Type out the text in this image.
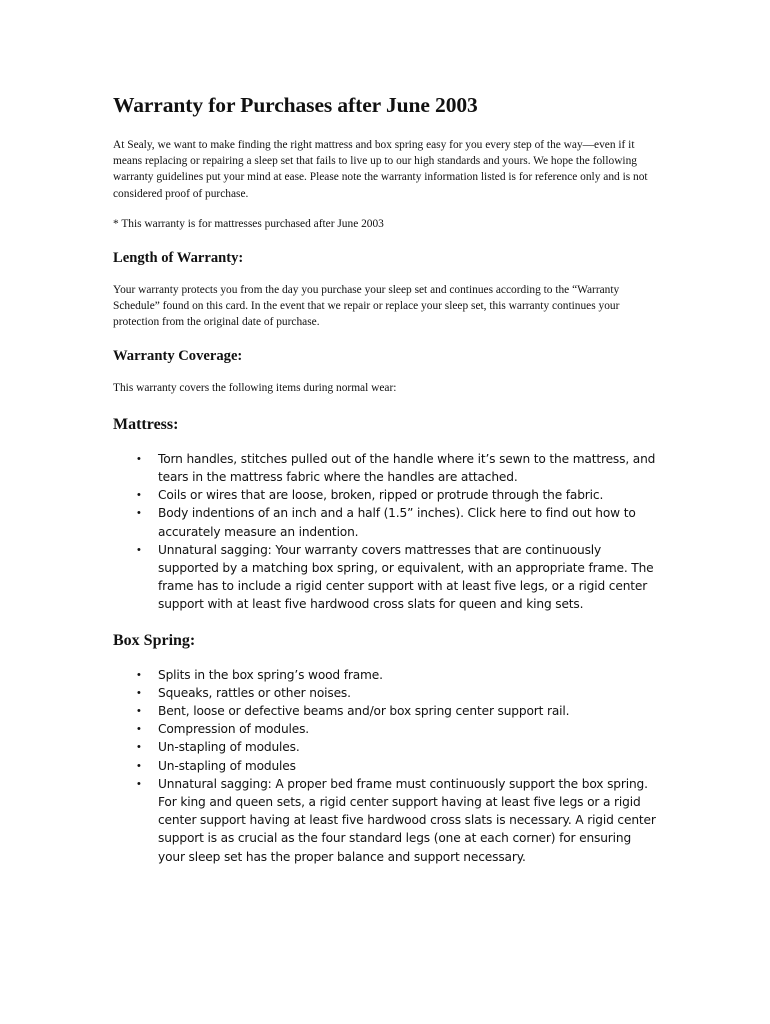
Warranty for Purchases after June 2003

At Sealy, we want to make finding the right mattress and box spring easy for you every step of the way—even if it means replacing or repairing a sleep set that fails to live up to our high standards and yours. We hope the following warranty guidelines put your mind at ease. Please note the warranty information listed is for reference only and is not considered proof of purchase.

* This warranty is for mattresses purchased after June 2003

Length of Warranty:

Your warranty protects you from the day you purchase your sleep set and continues according to the “Warranty Schedule” found on this card. In the event that we repair or replace your sleep set, this warranty continues your protection from the original date of purchase.

Warranty Coverage:

This warranty covers the following items during normal wear:

Mattress:
• Torn handles, stitches pulled out of the handle where it’s sewn to the mattress, and tears in the mattress fabric where the handles are attached.
• Coils or wires that are loose, broken, ripped or protrude through the fabric.
• Body indentions of an inch and a half (1.5” inches). Click here to find out how to accurately measure an indention.
• Unnatural sagging: Your warranty covers mattresses that are continuously supported by a matching box spring, or equivalent, with an appropriate frame. The frame has to include a rigid center support with at least five legs, or a rigid center support with at least five hardwood cross slats for queen and king sets.
Box Spring:
• Splits in the box spring’s wood frame.
• Squeaks, rattles or other noises.
• Bent, loose or defective beams and/or box spring center support rail.
• Compression of modules.
• Un-stapling of modules.
• Un-stapling of modules
• Unnatural sagging: A proper bed frame must continuously support the box spring. For king and queen sets, a rigid center support having at least five legs or a rigid center support having at least five hardwood cross slats is necessary. A rigid center support is as crucial as the four standard legs (one at each corner) for ensuring your sleep set has the proper balance and support necessary.
